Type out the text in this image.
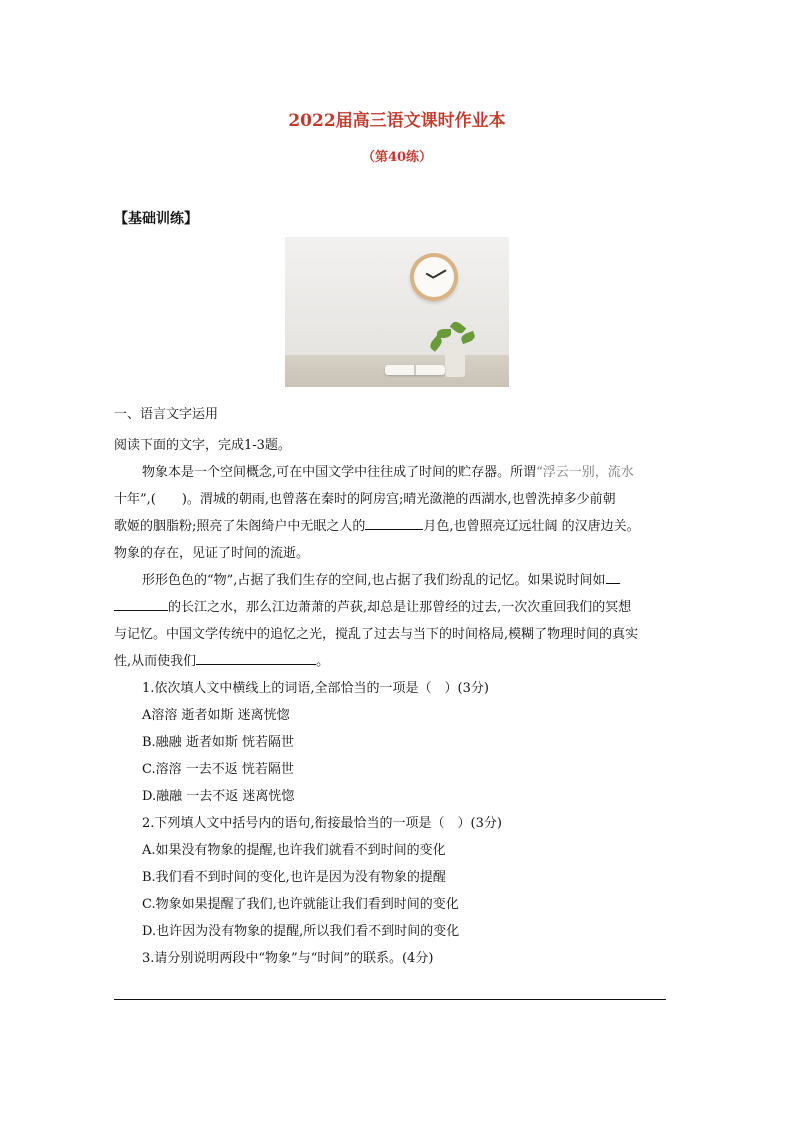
2022届高三语文课时作业本
（第40练）
【基础训练】
一、语言文字运用
阅读下面的文字，完成1-3题。
物象本是一个空间概念,可在中国文学中往往成了时间的贮存器。所谓“浮云一别，流水
十年”,(　　)。渭城的朝雨,也曾落在秦时的阿房宫;晴光潋滟的西湖水,也曾洗掉多少前朝
歌姬的胭脂粉;照亮了朱阁绮户中无眠之人的	月色,也曾照亮辽远壮阔 的汉唐边关。
物象的存在，见证了时间的流逝。
形形色色的“物”,占据了我们生存的空间,也占据了我们纷乱的记忆。如果说时间如
的长江之水，那么江边萧萧的芦荻,却总是让那曾经的过去,一次次重回我们的冥想
与记忆。中国文学传统中的追忆之光，搅乱了过去与当下的时间格局,模糊了物理时间的真实
性,从而使我们	。
1.依次填人文中横线上的词语,全部恰当的一项是（　）(3分)
A溶溶 逝者如斯 迷离恍惚
B.融融 逝者如斯 恍若隔世
C.溶溶 一去不返 恍若隔世
D.融融 一去不返 迷离恍惚
2.下列填人文中括号内的语句,衔接最恰当的一项是（　）(3分)
A.如果没有物象的提醒,也许我们就看不到时间的变化
B.我们看不到时间的变化,也许是因为没有物象的提醒
C.物象如果提醒了我们,也许就能让我们看到时间的变化
D.也许因为没有物象的提醒,所以我们看不到时间的变化
3.请分别说明两段中“物象”与“时间”的联系。(4分)
